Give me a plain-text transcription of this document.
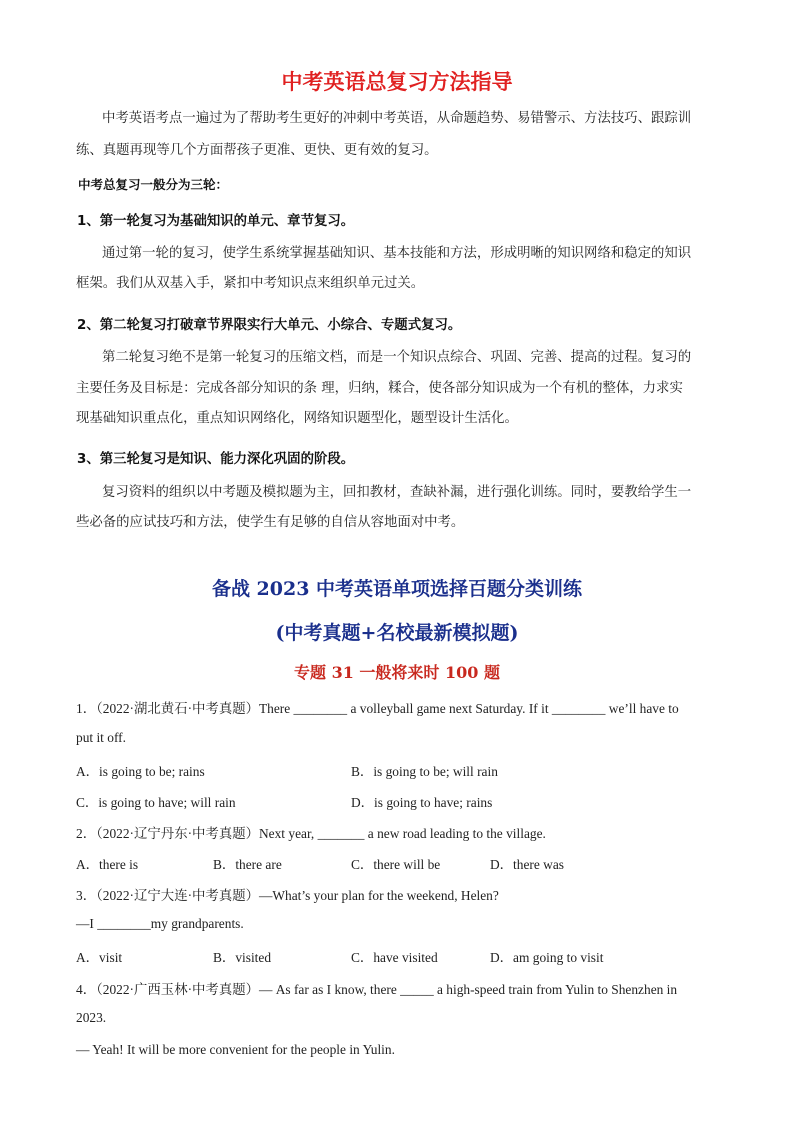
中考英语总复习方法指导
中考英语考点一遍过为了帮助考生更好的冲刺中考英语，从命题趋势、易错警示、方法技巧、跟踪训
练、真题再现等几个方面帮孩子更准、更快、更有效的复习。
中考总复习一般分为三轮：
1、第一轮复习为基础知识的单元、章节复习。
通过第一轮的复习，使学生系统掌握基础知识、基本技能和方法，形成明晰的知识网络和稳定的知识
框架。我们从双基入手，紧扣中考知识点来组织单元过关。
2、第二轮复习打破章节界限实行大单元、小综合、专题式复习。
第二轮复习绝不是第一轮复习的压缩文档，而是一个知识点综合、巩固、完善、提高的过程。复习的
主要任务及目标是：完成各部分知识的条 理，归纳，糅合，使各部分知识成为一个有机的整体，力求实
现基础知识重点化，重点知识网络化，网络知识题型化，题型设计生活化。
3、第三轮复习是知识、能力深化巩固的阶段。
复习资料的组织以中考题及模拟题为主，回扣教材，查缺补漏，进行强化训练。同时，要教给学生一
些必备的应试技巧和方法，使学生有足够的自信从容地面对中考。
备战 2023 中考英语单项选择百题分类训练
(中考真题+名校最新模拟题)
专题 31 一般将来时 100 题
1．（2022·湖北黄石·中考真题）There ________ a volleyball game next Saturday. If it ________ we’ll have to
put it off.
A．is going to be; rains	B．is going to be; will rain
C．is going to have; will rain	D．is going to have; rains
2．（2022·辽宁丹东·中考真题）Next year, _______ a new road leading to the village.
A．there is	B．there are	C．there will be	D．there was
3．（2022·辽宁大连·中考真题）—What’s your plan for the weekend, Helen?
—I ________my grandparents.
A．visit	B．visited	C．have visited	D．am going to visit
4．（2022·广西玉林·中考真题）— As far as I know, there _____ a high-speed train from Yulin to Shenzhen in
2023.
— Yeah! It will be more convenient for the people in Yulin.
